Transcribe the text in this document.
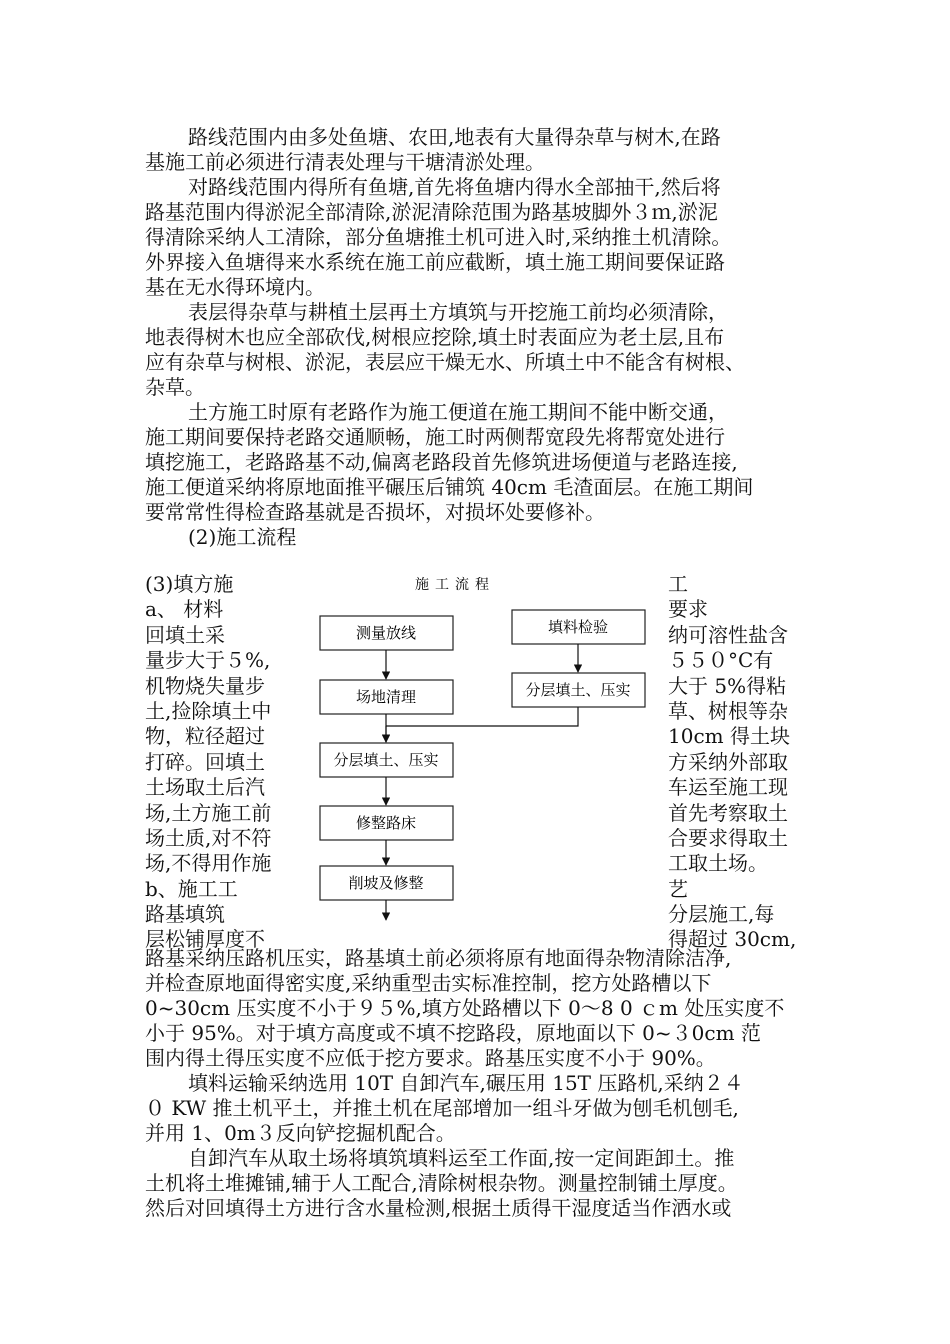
路线范围内由多处鱼塘、农田,地表有大量得杂草与树木,在路
基施工前必须进行清表处理与干塘清淤处理。
对路线范围内得所有鱼塘,首先将鱼塘内得水全部抽干,然后将
路基范围内得淤泥全部清除,淤泥清除范围为路基坡脚外３ｍ,淤泥
得清除采纳人工清除，部分鱼塘推土机可进入时,采纳推土机清除。
外界接入鱼塘得来水系统在施工前应截断，填土施工期间要保证路
基在无水得环境内。
表层得杂草与耕植土层再土方填筑与开挖施工前均必须清除，
地表得树木也应全部砍伐,树根应挖除,填土时表面应为老土层,且布
应有杂草与树根、淤泥，表层应干燥无水、所填土中不能含有树根、
杂草。
土方施工时原有老路作为施工便道在施工期间不能中断交通，
施工期间要保持老路交通顺畅，施工时两侧帮宽段先将帮宽处进行
填挖施工，老路路基不动,偏离老路段首先修筑进场便道与老路连接,
施工便道采纳将原地面推平碾压后铺筑 40cm 毛渣面层。在施工期间
要常常性得检查路基就是否损坏，对损坏处要修补。
(2)施工流程
(3)填方施
a、 材料
回填土采
量步大于５%,
机物烧失量步
土,捡除填土中
物，粒径超过
打碎。回填土
土场取土后汽
场,土方施工前
场土质,对不符
场,不得用作施
b、施工工
路基填筑
层松铺厚度不
工
要求
纳可溶性盐含
５５０°C有
大于 5%得粘
草、树根等杂
10cm 得土块
方采纳外部取
车运至施工现
首先考察取土
合要求得取土
工取土场。
艺
分层施工,每
得超过 30cm,
施工流程
测量放线
场地清理
分层填土、压实
修整路床
削坡及修整
填料检验
分层填土、压实
路基采纳压路机压实，路基填土前必须将原有地面得杂物清除洁净,
并检查原地面得密实度,采纳重型击实标准控制，挖方处路槽以下
0~30cm 压实度不小于９５%,填方处路槽以下 0～8 0 ｃm 处压实度不
小于 95%。对于填方高度或不填不挖路段，原地面以下 0~３0cm 范
围内得土得压实度不应低于挖方要求。路基压实度不小于 90%。
填料运输采纳选用 10T 自卸汽车,碾压用 15T 压路机,采纳２４
０ KW 推土机平土，并推土机在尾部增加一组斗牙做为刨毛机刨毛,
并用 1、0m３反向铲挖掘机配合。
自卸汽车从取土场将填筑填料运至工作面,按一定间距卸土。推
土机将土堆摊铺,辅于人工配合,清除树根杂物。测量控制铺土厚度。
然后对回填得土方进行含水量检测,根据土质得干湿度适当作洒水或
